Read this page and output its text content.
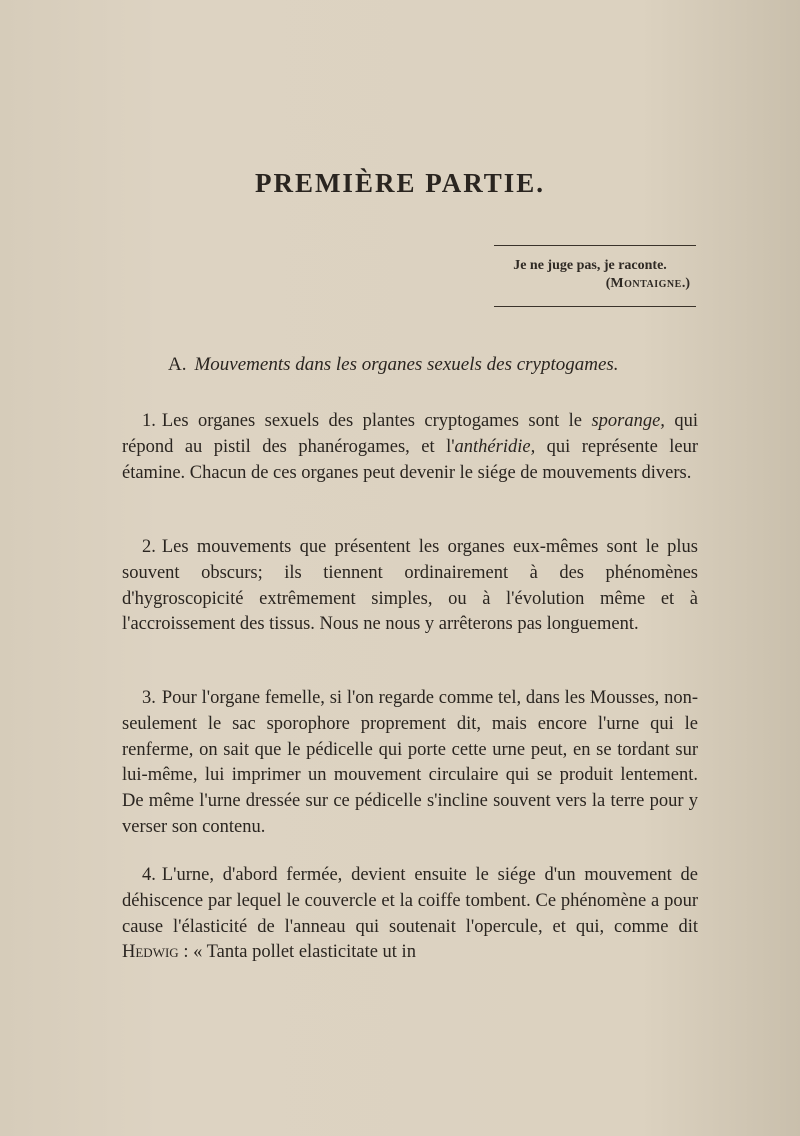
PREMIÈRE PARTIE.
Je ne juge pas, je raconte.
(Montaigne.)
A. Mouvements dans les organes sexuels des cryptogames.
1. Les organes sexuels des plantes cryptogames sont le sporange, qui répond au pistil des phanérogames, et l'anthéridie, qui représente leur étamine. Chacun de ces organes peut devenir le siége de mouvements divers.
2. Les mouvements que présentent les organes eux-mêmes sont le plus souvent obscurs; ils tiennent ordinairement à des phénomènes d'hygroscopicité extrêmement simples, ou à l'évolution même et à l'accroissement des tissus. Nous ne nous y arrêterons pas longuement.
3. Pour l'organe femelle, si l'on regarde comme tel, dans les Mousses, non-seulement le sac sporophore proprement dit, mais encore l'urne qui le renferme, on sait que le pédicelle qui porte cette urne peut, en se tordant sur lui-même, lui imprimer un mouvement circulaire qui se produit lentement. De même l'urne dressée sur ce pédicelle s'incline souvent vers la terre pour y verser son contenu.
4. L'urne, d'abord fermée, devient ensuite le siége d'un mouvement de déhiscence par lequel le couvercle et la coiffe tombent. Ce phénomène a pour cause l'élasticité de l'anneau qui soutenait l'opercule, et qui, comme dit Hedwig : « Tanta pollet elasticitate ut in
